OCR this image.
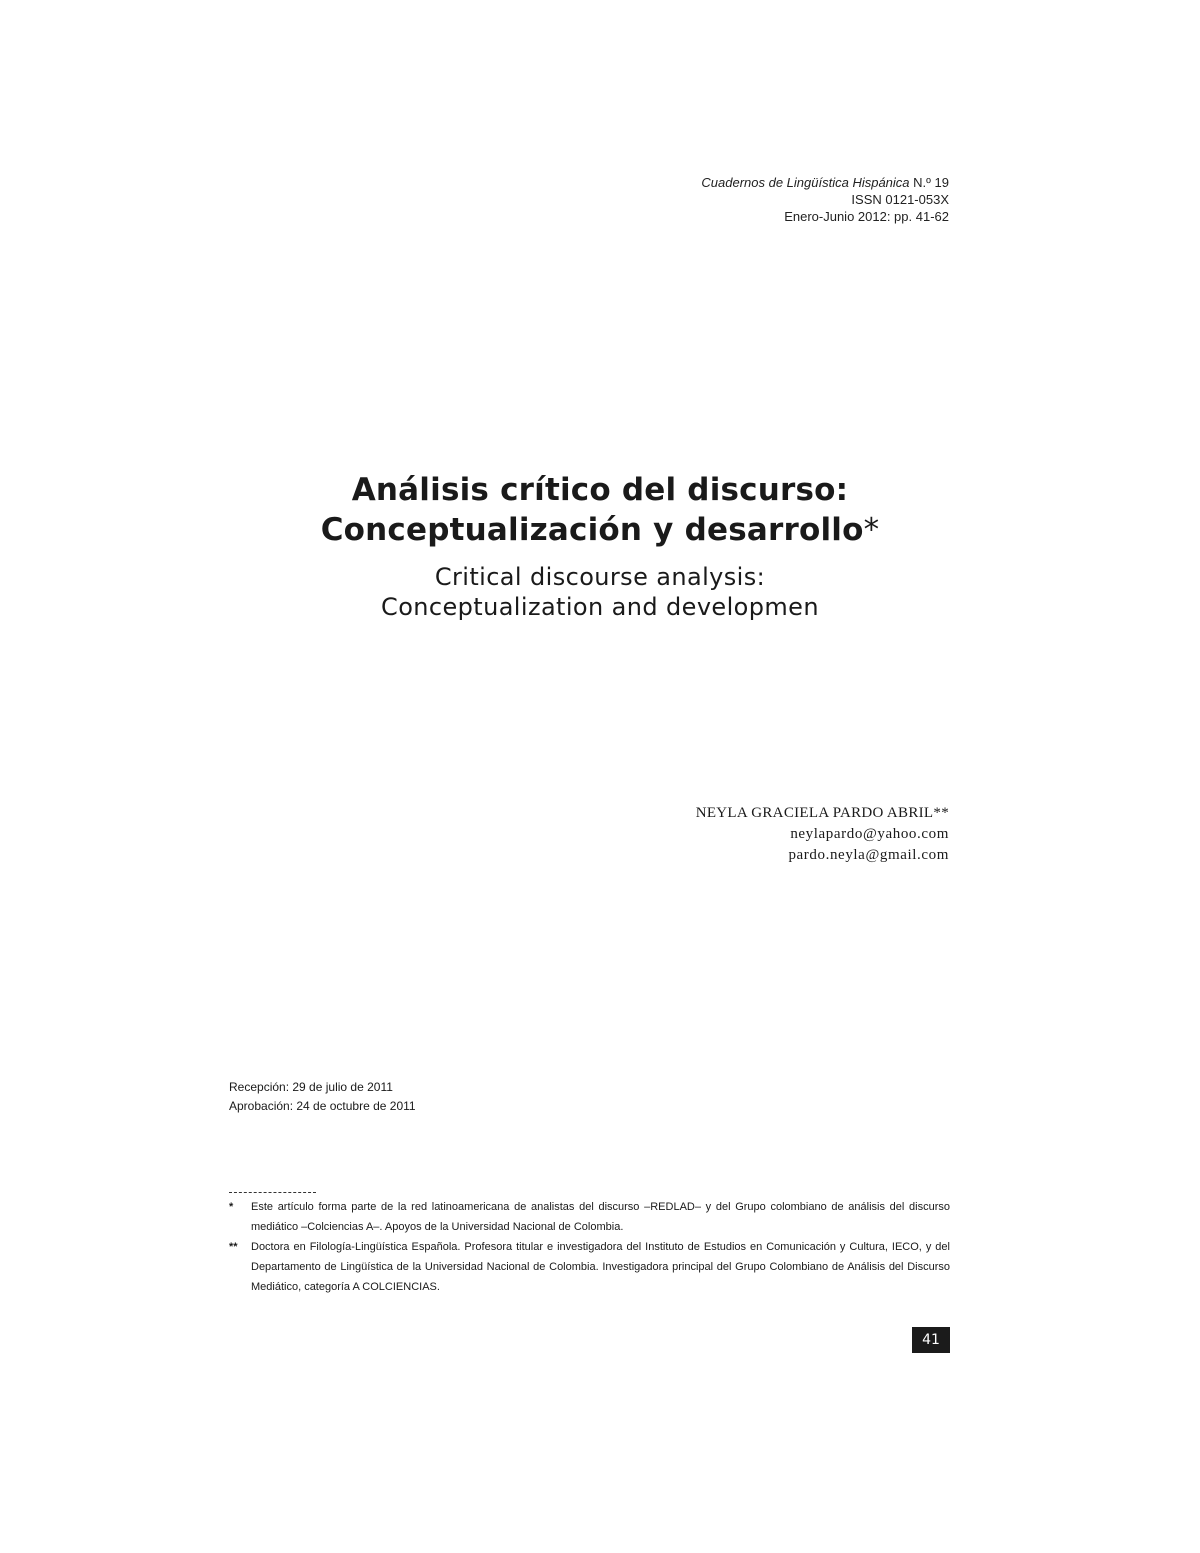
Cuadernos de Lingüística Hispánica N.º 19
ISSN 0121-053X
Enero-Junio 2012: pp. 41-62
Análisis crítico del discurso:
Conceptualización y desarrollo*
Critical discourse analysis:
Conceptualization and developmen
NEYLA GRACIELA PARDO ABRIL**
neylapardo@yahoo.com
pardo.neyla@gmail.com
Recepción: 29 de julio de 2011
Aprobación: 24 de octubre de 2011
* Este artículo forma parte de la red latinoamericana de analistas del discurso –REDLAD– y del Grupo colombiano de análisis del discurso mediático –Colciencias A–. Apoyos de la Universidad Nacional de Colombia.
** Doctora en Filología-Lingüística Española. Profesora titular e investigadora del Instituto de Estudios en Comunicación y Cultura, IECO, y del Departamento de Lingüística de la Universidad Nacional de Colombia. Investigadora principal del Grupo Colombiano de Análisis del Discurso Mediático, categoría A COLCIENCIAS.
41
